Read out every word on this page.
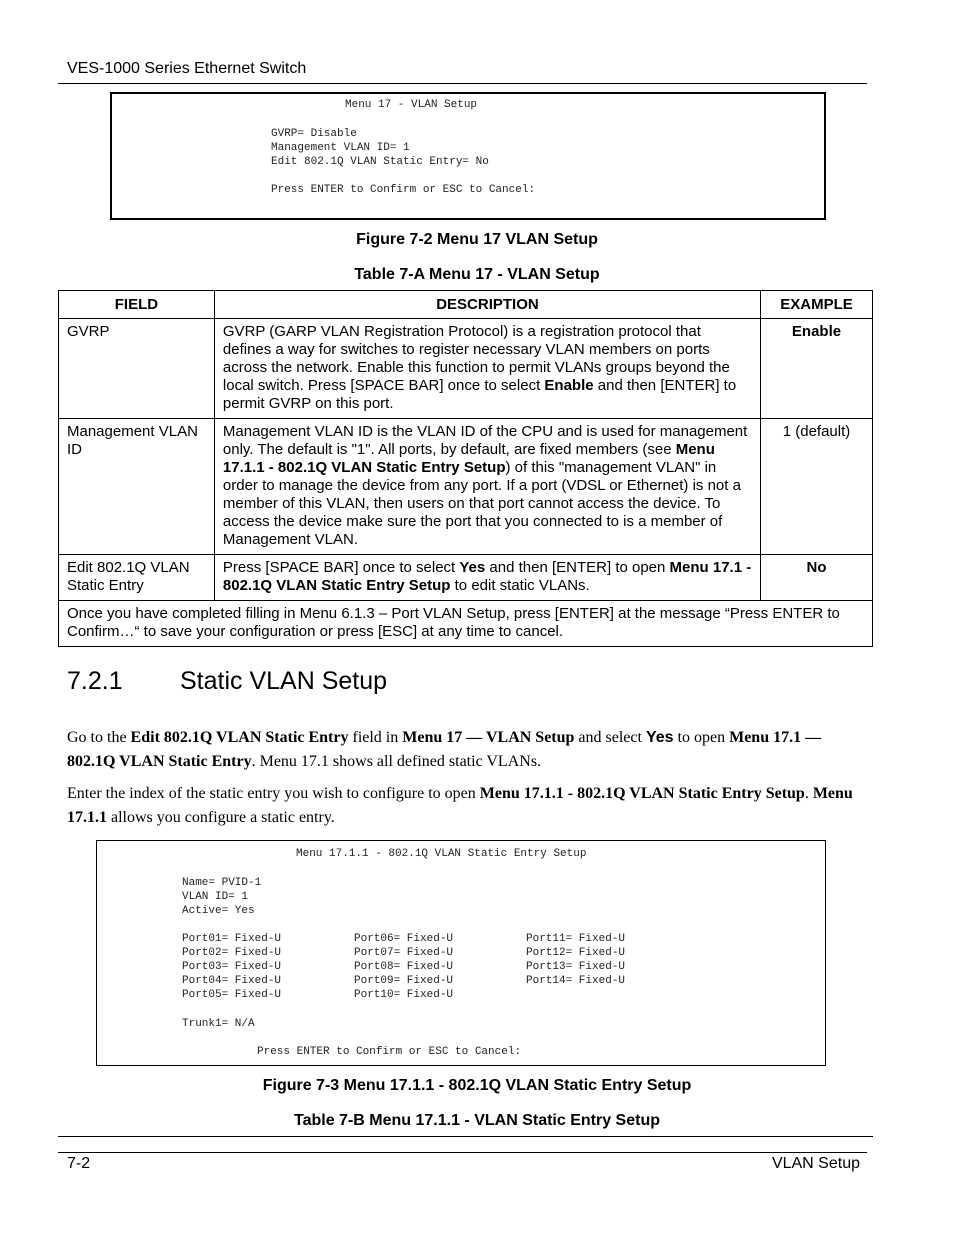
VES-1000 Series Ethernet Switch

Menu 17 - VLAN Setup

GVRP= Disable

Management VLAN ID= 1

Edit 802.1Q VLAN Static Entry= No

Press ENTER to Confirm or ESC to Cancel:

Figure 7-2 Menu 17 VLAN Setup
Table 7-A Menu 17 - VLAN Setup
FIELD	DESCRIPTION	EXAMPLE
GVRP	GVRP (GARP VLAN Registration Protocol) is a registration protocol that defines a way for switches to register necessary VLAN members on ports across the network. Enable this function to permit VLANs groups beyond the local switch. Press [SPACE BAR] once to select Enable and then [ENTER] to permit GVRP on this port.	Enable
Management VLAN ID	Management VLAN ID is the VLAN ID of the CPU and is used for management only. The default is "1". All ports, by default, are fixed members (see Menu 17.1.1 - 802.1Q VLAN Static Entry Setup) of this "management VLAN" in order to manage the device from any port. If a port (VDSL or Ethernet) is not a member of this VLAN, then users on that port cannot access the device. To access the device make sure the port that you connected to is a member of Management VLAN.	1 (default)
Edit 802.1Q VLAN Static Entry	Press [SPACE BAR] once to select Yes and then [ENTER] to open Menu 17.1 - 802.1Q VLAN Static Entry Setup to edit static VLANs.	No
Once you have completed filling in Menu 6.1.3 – Port VLAN Setup, press [ENTER] at the message “Press ENTER to Confirm…“ to save your configuration or press [ESC] at any time to cancel.		
7.2.1 Static VLAN Setup
Go to the Edit 802.1Q VLAN Static Entry field in Menu 17 — VLAN Setup and select Yes to open Menu 17.1 — 802.1Q VLAN Static Entry. Menu 17.1 shows all defined static VLANs.
Enter the index of the static entry you wish to configure to open Menu 17.1.1 - 802.1Q VLAN Static Entry Setup. Menu 17.1.1 allows you configure a static entry.

Menu 17.1.1 - 802.1Q VLAN Static Entry Setup

Name= PVID-1

VLAN ID= 1

Active= Yes

Port01= Fixed-U

Port02= Fixed-U

Port03= Fixed-U

Port04= Fixed-U

Port05= Fixed-U

Port06= Fixed-U

Port07= Fixed-U

Port08= Fixed-U

Port09= Fixed-U

Port10= Fixed-U

Port11= Fixed-U

Port12= Fixed-U

Port13= Fixed-U

Port14= Fixed-U

Trunk1= N/A

Press ENTER to Confirm or ESC to Cancel:

Figure 7-3 Menu 17.1.1 - 802.1Q VLAN Static Entry Setup
Table 7-B Menu 17.1.1 - VLAN Static Entry Setup
7-2	VLAN Setup
